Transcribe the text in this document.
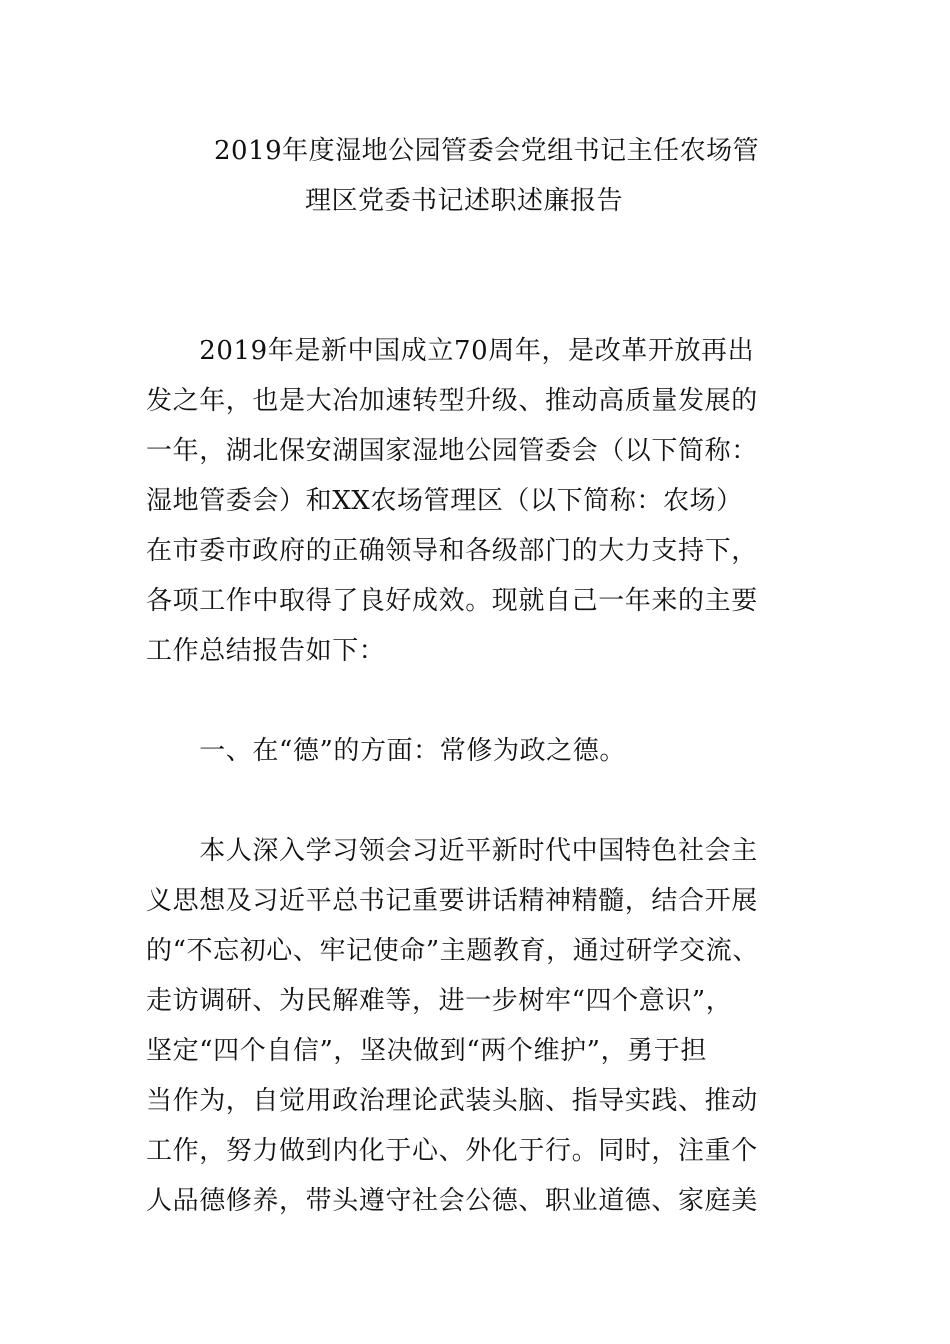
2019年度湿地公园管委会党组书记主任农场管
理区党委书记述职述廉报告
　　2019年是新中国成立70周年，是改革开放再出
发之年，也是大冶加速转型升级、推动高质量发展的
一年，湖北保安湖国家湿地公园管委会（以下简称：
湿地管委会）和XX农场管理区（以下简称：农场）
在市委市政府的正确领导和各级部门的大力支持下，
各项工作中取得了良好成效。现就自己一年来的主要
工作总结报告如下：
　　一、在“德”的方面：常修为政之德。
　　本人深入学习领会习近平新时代中国特色社会主
义思想及习近平总书记重要讲话精神精髓，结合开展
的“不忘初心、牢记使命”主题教育，通过研学交流、
走访调研、为民解难等，进一步树牢“四个意识”，
坚定“四个自信”，坚决做到“两个维护”，勇于担
当作为，自觉用政治理论武装头脑、指导实践、推动
工作，努力做到内化于心、外化于行。同时，注重个
人品德修养，带头遵守社会公德、职业道德、家庭美
